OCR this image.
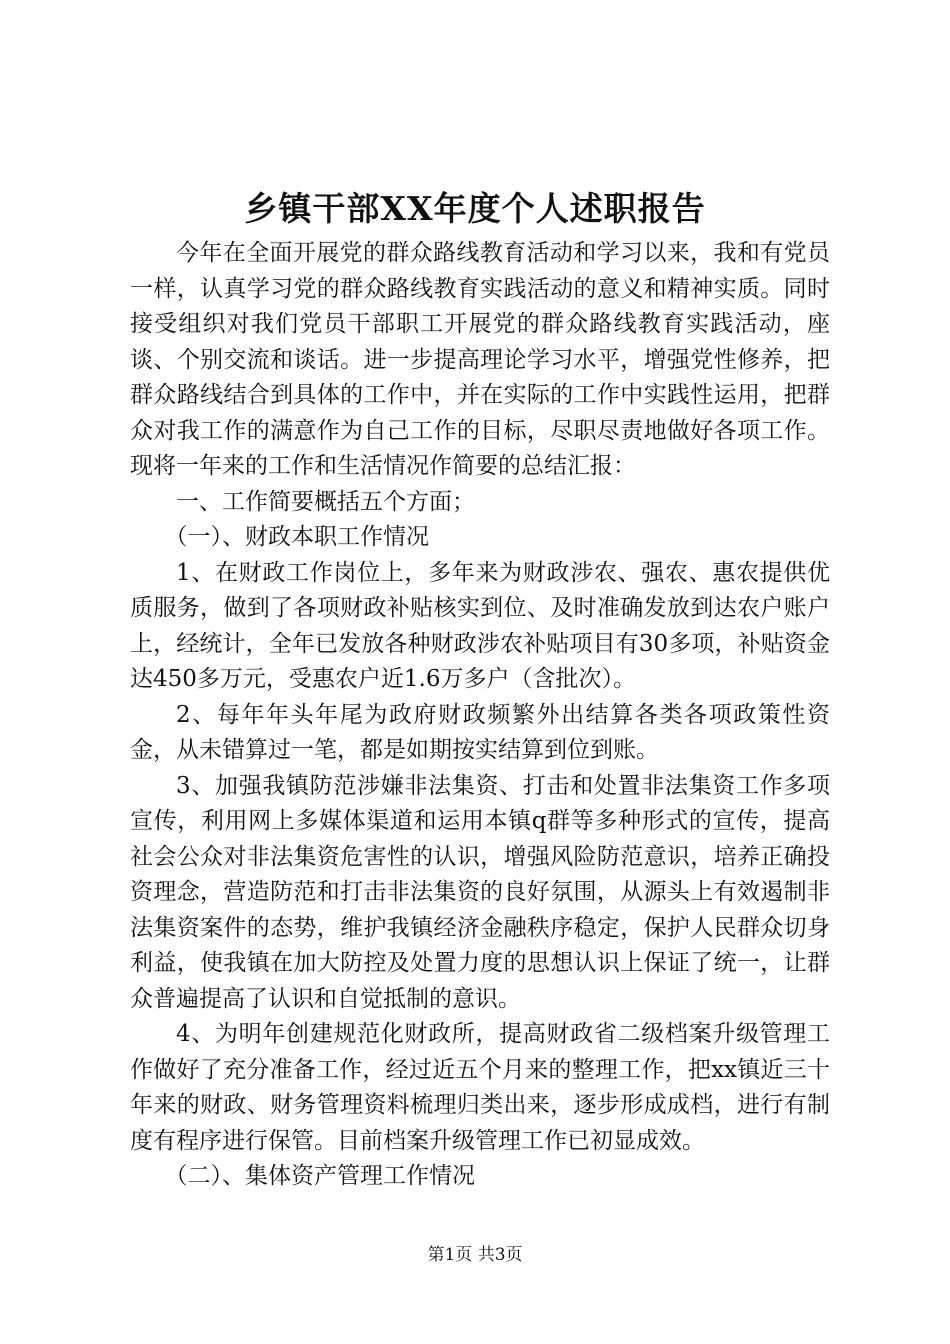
乡镇干部XX年度个人述职报告

今年在全面开展党的群众路线教育活动和学习以来，我和有党员一样，认真学习党的群众路线教育实践活动的意义和精神实质。同时接受组织对我们党员干部职工开展党的群众路线教育实践活动，座谈、个别交流和谈话。进一步提高理论学习水平，增强党性修养，把群众路线结合到具体的工作中，并在实际的工作中实践性运用，把群众对我工作的满意作为自己工作的目标，尽职尽责地做好各项工作。现将一年来的工作和生活情况作简要的总结汇报：

一、工作简要概括五个方面；

（一）、财政本职工作情况

1、在财政工作岗位上，多年来为财政涉农、强农、惠农提供优质服务，做到了各项财政补贴核实到位、及时准确发放到达农户账户上，经统计，全年已发放各种财政涉农补贴项目有30多项，补贴资金达450多万元，受惠农户近1.6万多户（含批次）。

2、每年年头年尾为政府财政频繁外出结算各类各项政策性资金，从未错算过一笔，都是如期按实结算到位到账。

3、加强我镇防范涉嫌非法集资、打击和处置非法集资工作多项宣传，利用网上多媒体渠道和运用本镇q群等多种形式的宣传，提高社会公众对非法集资危害性的认识，增强风险防范意识，培养正确投资理念，营造防范和打击非法集资的良好氛围，从源头上有效遏制非法集资案件的态势，维护我镇经济金融秩序稳定，保护人民群众切身利益，使我镇在加大防控及处置力度的思想认识上保证了统一，让群众普遍提高了认识和自觉抵制的意识。

4、为明年创建规范化财政所，提高财政省二级档案升级管理工作做好了充分准备工作，经过近五个月来的整理工作，把xx镇近三十年来的财政、财务管理资料梳理归类出来，逐步形成成档，进行有制度有程序进行保管。目前档案升级管理工作已初显成效。

（二）、集体资产管理工作情况

第1页 共3页
